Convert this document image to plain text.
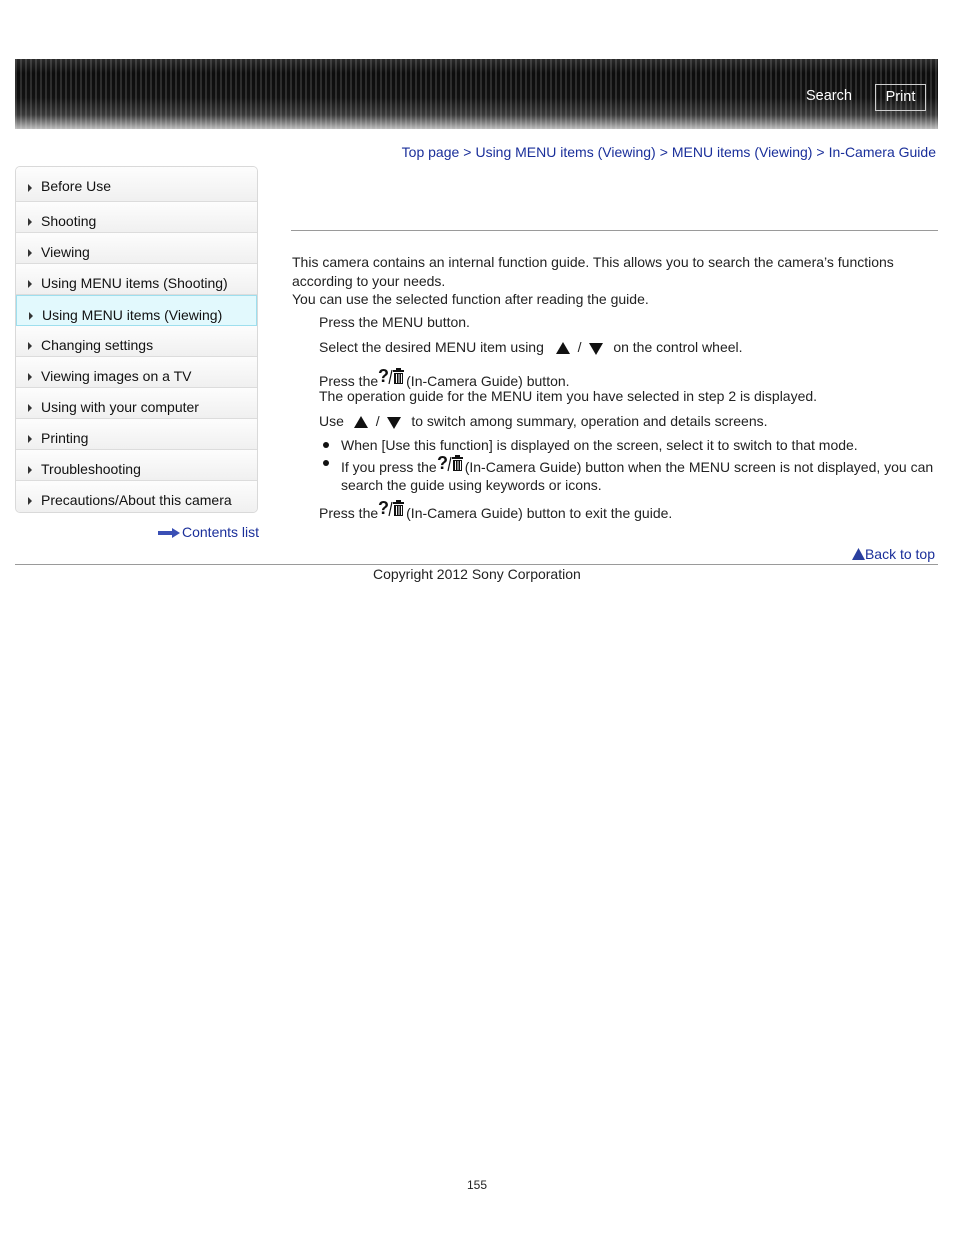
Search	Print
Top page > Using MENU items (Viewing) > MENU items (Viewing) > In-Camera Guide
Before Use
Shooting
Viewing
Using MENU items (Shooting)
Using MENU items (Viewing)
Changing settings
Viewing images on a TV
Using with your computer
Printing
Troubleshooting
Precautions/About this camera
Contents list
This camera contains an internal function guide. This allows you to search the camera’s functions according to your needs.
You can use the selected function after reading the guide.
Press the MENU button.
Select the desired MENU item using / on the control wheel.
Press the ? (In-Camera Guide) button.
The operation guide for the MENU item you have selected in step 2 is displayed.
Use / to switch among summary, operation and details screens.
When [Use this function] is displayed on the screen, select it to switch to that mode.
If you press the ? (In-Camera Guide) button when the MENU screen is not displayed, you can search the guide using keywords or icons.
Press the ? (In-Camera Guide) button to exit the guide.
Back to top
Copyright 2012 Sony Corporation
155
